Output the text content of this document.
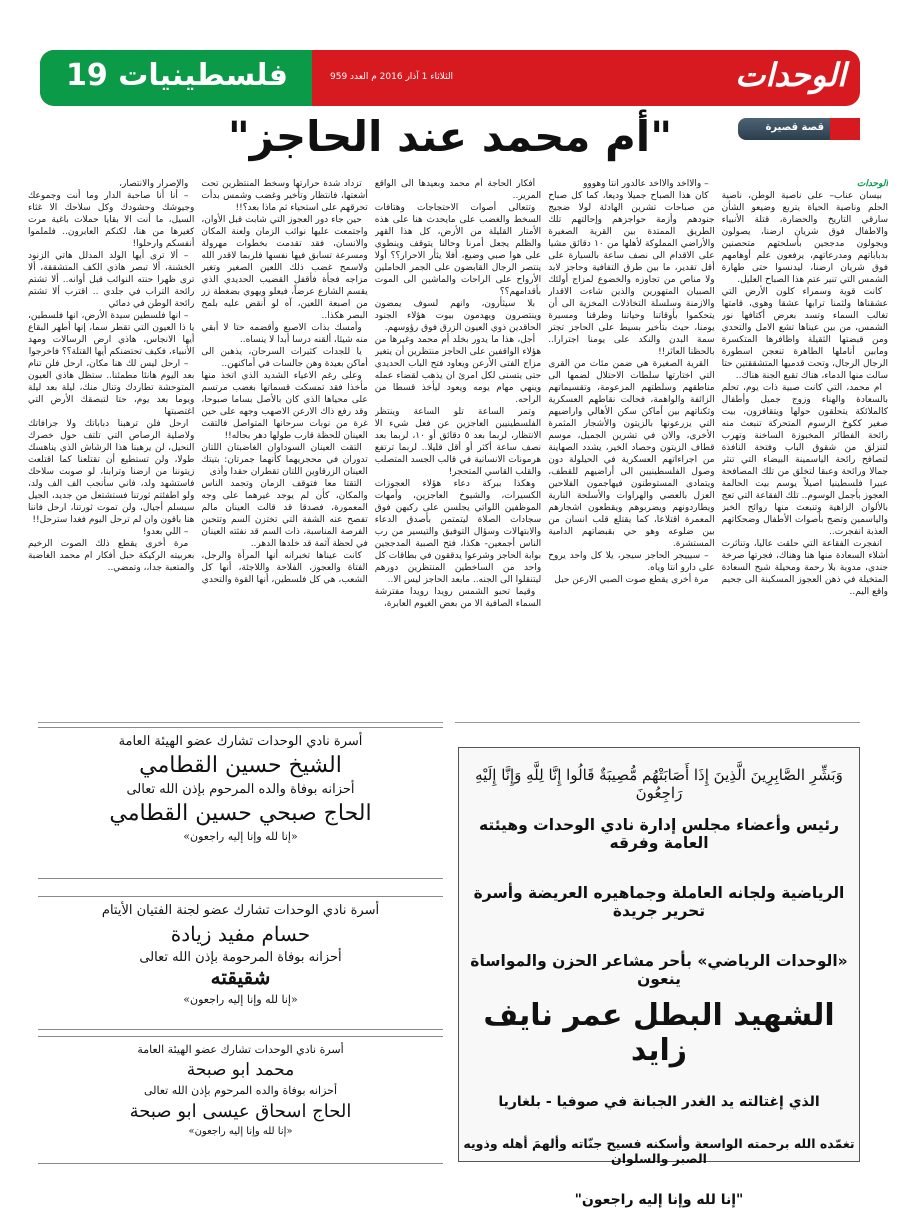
فلسطينيات 19	الثلاثاء 1 آذار 2016 م العدد 959	الوحدات
قصة قصيرة
"أم محمد عند الحاجز"
الوحدات

بيسان عناب– على ناصية الوطن، ناصية الحلم وناصية الحياة يتربع وضيعو الشأن سارقي التاريخ والحضارة، قتلة الأنبياء والاطفال فوق شريان ارضنا، يصولون ويجولون مدججين بأسلحتهم متحصنين بدباباتهم ومدرعاتهم، يرفعون علم أوهامهم فوق شريان ارضنا، ليدنسوا حتى طهارة الشمس التي تنير عتم هذا الصباح العليل.

كانت قوية وسمراء كلون الأرض التي عشقناها ولثمنا ترابها عشقا وهوى، قامتها تغالب السماء وتسد بعرض أكتافها نور الشمس، من بين عيناها تشع الامل والتحدي ومن قبضتها الثقيلة واظافرها المتكسرة ومابين أناملها الطاهرة تنعجن اسطورة الرجال الرجال، وتحت قدميها المتشققتين حتا سالت منها الدماء، هناك تقبع الجنة هناك..

ام محمد، التي كانت صبية ذات يوم، تحلم بالسعادة والهناء وزوج جميل وأطفال كالملائكة يتحلقون حولها ويتقافزون، بيت صغير ككوخ الرسوم المتحركة تنبعث منه رائحة الفطائر المخبوزة الساخنة وتهرب لتنزلق من شقوق الباب وفتحة النافذة لتصافح رائحة الياسمينة البيضاء التي تنثر جمالا ورائحة وعبقا لتخلق من تلك المصافحة عبيرا فلسطينيا اصيلاً يوسم بيت الحالمة العجوز بأجمل الوسوم.. تلك الفقاعة التي تعج بالألوان الزاهية وتنبعث منها روائح الخبز والياسمين وتضج بأصوات الأطفال وضحكاتهم العذبة انفجرت..

انفجرت الفقاعة التي حلقت عاليا، وتناثرت أشلاء السعادة منها هنا وهناك، فجرتها صرخة جندي، مدوية بلا رحمة ومحيلة شبح السعادة المتخيلة في ذهن العجوز المسكينة الى جحيم واقع اليم..

– والااخد والااخد عالدور انتا وهووو

كان هذا الصباح جميلا وديعا، كما كل صباح من صباحات تشرين الهادئة لولا ضجيج جنودهم وأزمة حواجزهم وإحالتهم تلك الطريق الممتدة بين القرية الصغيرة والأراضي المملوكة لأهلها من ١٠ دقائق مشيا على الاقدام الى نصف ساعة بالسيارة على أقل تقدير، ما بين طرق التفافية وحاجز لابد ولا مناص من تجاوزه والخضوع لمزاج أولئك الصبيان المتهورين والذين شاءت الاقدار والازمنة وسلسلة التخاذلات المخزية الى أن يتحكموا بأوقاتنا وحياتنا وطرقنا ومسيرة يومنا، حيث بتأخير بسيط على الحاجز تجتر سمة البدن والنكد على يومنا اجترارا.. بالحظنا العاثر!!

القرية الصغيرة هي ضمن مئات من القرى التي اختارتها سلطات الاحتلال لضمها الى مناطقهم وسلطتهم المزعومة، وتقسيماتهم الزائفة والواهمة، فحالت نقاطهم العسكرية وثكناتهم بين أماكن سكن الأهالي واراضيهم التي يزرعونها بالزيتون والأشجار المثمرة الأخرى، والان في تشرين الجميل، موسم قطاف الزيتون وحصاد الخير، يشدد الصهاينة من اجراءاتهم العسكرية في الحيلولة دون وصول الفلسطينيين الى أراضيهم للقطف، ويتمادى المستوطنون فيهاجمون الفلاحين العزل بالعصي والهراوات والأسلحة النارية ويطاردونهم ويضربوهم ويقطعون اشجارهم المعمرة اقتلاعا، كما يقتلع قلب انسان من بين ضلوعه وهو حي بقبضاتهم الدامية المستشرة.

– سيييجر الحاجز سيجر، يلا كل واحد يروح على دارو انتا وياه.

مرة أخرى يقطع صوت الصبي الارعن حبل

أفكار الحاجة أم محمد وبعيدها الى الواقع المرير..

وتتعالى أصوات الاحتجاجات وهتافات السخط والغضب على مايحدث هنا على هذه الأمتار القليلة من الأرض، كل هذا القهر والظلم يجعل أمرنا وحالنا يتوقف وينطوي على هوا صبي وضيع، أفلا يثأر الاحرار؟؟ أولا ينتصر الرجال القابضون على الجمر الحاملين الأرواح على الراحات والماشين الى الموت بأقدامهم؟؟

بلا سيثأرون، وانهم لسوف يمضون وينتصرون ويهدمون بيوت هؤلاء الجنود الحاقدين ذوي العيون الزرق فوق رؤوسهم.

أجل، هذا ما يدور بخلد أم محمد وغيرها من هؤلاء الواقفين على الحاجز منتظرين أن يتغير مزاج الفتى الأرعن ويعاود فتح الباب الحديدي حتى يتسنى لكل امرئ ان يذهب لقضاء عمله وينهي مهام يومه ويعود ليأخذ قسطا من الراحه.

وتمر الساعة تلو الساعة وينتظر الفلسطينيين العاجزين عن فعل شيء الا الانتظار، لربما بعد ٥ دقائق أو ١٠، لربما بعد نصف ساعة أكثر أو أقل قليلا.. لربما ترتفع هرمونات الانسانية في قالب الجسد المتصلب والقلب القاسي المتحجر!

وهكذا ببركة دعاء هؤلاء العجوزات الكسيرات، والشيوخ العاجزين، وأمهات الموظفين اللواتي يجلسن على ركبهن فوق سجادات الصلاة ليتمتمن بأصدق الدعاء والابتهالات وسؤال التوفيق والتيسير من رب الناس أجمعين- هكذا، فتح الصبية المدججين بوابة الحاجز وشرعوا يدققون في بطاقات كل واحد من الساخطين المنتظرين دورهم ليتنقلوا الى الجنه.. مابعد الحاجز ليس الا..

وقيما تحبو الشمس رويدا رويدا مفترشة السماء الصافية الا من بعض الغيوم العابرة،

تزداد شدة حرارتها وسخط المنتظرين تحت أشعتها، فانتظار وتأخير وغضب وشمس بدأت تحرقهم على استحياء ثم ماذا بعد؟!!

حين جاء دور العجوز التي شابت قبل الأوان، واجتمعت عليها نوائب الزمان ولعنة المكان والانسان، فقد تقدمت بخطوات مهرولة ومسرعة تسابق فيها نفسها فلربما لاقدر الله ولاسمح غضب ذلك اللعين الصغير وتغير مزاجه فجأة فأقفل القضيب الحديدي الذي يقسم الشارع عرضاً، فيعلو ويهوي بضغطة زر من اصبعة اللعين، آه لو أنقض عليه بلمح البصر هكذا..

وأمسك بذات الاصبع وأقضمه حتا لا أبقي منه شيئا، ألقنه درسا أبدا لا ينساه..

يا للجدات كثيرات السرحان، يذهبن الى أماكن بعيدة وهن جالسات في أماكنهن..

وعلى رغم الاعياء الشديد الذي اتخذ منها مأخذا فقد تمسكت قسماتها بغضب مرتسم على محياها الذي كان بالأصل بساما صبوحا، وقد رفع ذاك الارعن الاصهب وجهه على حين غرة من نوبات سرحانها المتواصل فالتقت العينان للحظة قارب طولها دهر بحاله!!

التقت العينان السوداوان الغاضبتان اللتان تدوران في محجريهما كأنهما جمرتان: بتيتك العينان الزرقاوين اللتان تقطران حقدا وأذى

التقتا معا فتوقف الزمان وتجمد الناس والمكان، كأن لم يوجد غيرهما على وجه المعمورة، فصدقا قد قالت العينان مالم تفصح عنه الشفة التي تختزن السم وتتحين الفرصة المناسبة، ذات السم قد نفثته العينان في لحظة آثمة قد خلدها الدهر..

كانت عيناها تخبرانه أنها المرأة والرجل، الفتاة والعجوز، الفلاحة واللاجئة، أنها كل الشعب، هي كل فلسطين، أنها القوة والتحدي

والإصرار والانتصار،

– أنا أنا صاحبة الدار وما أنت وجموعك وجيوشك وحشودك وكل سلاحك الا غثاء السيل، ما أنت الا بقايا حملات باغية مرت كغيرها من هنا، لكنكم العابرون.. فلملموا أنفسكم وارحلوا!

– ألا ترى أيها الولد المدلل هاتي الزنود الخشنة، ألا تبصر هاذي الكف المتشققة، ألا ترى ظهرا حنته النوائب قبل أوانه.. ألا تشتم رائحة التراب في جلدي .. اقترب ألا تشتم رائحة الوطن في دمائي

– انها فلسطين سيدة الأرض، انها فلسطين، يا ذا العيون التي تقطر سما، إنها أطهر البقاع أيها الانجاس، هاذي ارض الرسالات ومهد الأنبياء، فكيف تحتضنكم أيها القتلة؟؟ فاخرجوا

– ارحل ليس لك هنا مكان، ارحل فلن تنام بعد اليوم هانئا مطمئنا.. ستظل هاذي العيون المتوحشة تطاردك وتنال منك، ليلة بعد ليلة ويوما بعد يوم، حتا لتبصقك الأرض التي اغتصبتها

ارحل فلن ترهبنا دباباتك ولا جرافاتك ولاصلية الرصاص التي تلتف حول خصرك النحيل، لن يرهبنا هذا الرشاش الذي يناهسك طولا، ولن تستطيع أن تقتلعنا كما اقتلعت زيتوننا من ارضنا وترابنا، لو صوبت سلاحك فاستشهد ولد، فاني سأنجب الف الف ولد، ولو اطفئتم ثورتنا فستشتعل من جديد، الجيل سيسلم أجيال، ولن تموت ثورتنا، ارحل فاننا هنا باقون وان لم ترحل اليوم فغدا سترحل!!

– اللي بعدو!

مرة أخرى يقطع ذلك الصوت الرخيم بعربيته الركيكة حبل أفكار ام محمد الغاضبة والمتعبة جدا،، وتمضي..

أسرة نادي الوحدات تشارك عضو الهيئة العامة
الشيخ حسين القطامي
أحزانه بوفاة والده المرحوم بإذن الله تعالى
الحاج صبحي حسين القطامي
«إنا لله وإنا إليه راجعون»
أسرة نادي الوحدات تشارك عضو لجنة الفتيان الأيتام
حسام مفيد زيادة
أحزانه بوفاة المرحومة بإذن الله تعالى
شقيقته
«إنا لله وإنا إليه راجعون»
أسرة نادي الوحدات تشارك عضو الهيئة العامة
محمد ابو صبحة
أحزانه بوفاة والده المرحوم بإذن الله تعالى
الحاج اسحاق عيسى ابو صبحة
«إنا لله وإنا إليه راجعون»
وَبَشِّرِ الصَّابِرِينَ الَّذِينَ إِذَا أَصَابَتْهُم مُّصِيبَةٌ قَالُوا إِنَّا لِلَّهِ وَإِنَّا إِلَيْهِ رَاجِعُونَ
رئيس وأعضاء مجلس إدارة نادي الوحدات وهيئته العامة وفرقه
الرياضية ولجانه العاملة وجماهيره العريضة وأسرة تحرير جريدة
«الوحدات الرياضي» بأحر مشاعر الحزن والمواساة ينعون
الشهيد البطل عمر نايف زايد
الذي إغتالته يد الغدر الجبانة في صوفيا - بلغاريا
تغمّده الله برحمته الواسعة وأسكنه فسيح جنّاته وألهمَ أهله وذويه الصبر والسلوان
"إنا لله وإنا إليه راجعون"
